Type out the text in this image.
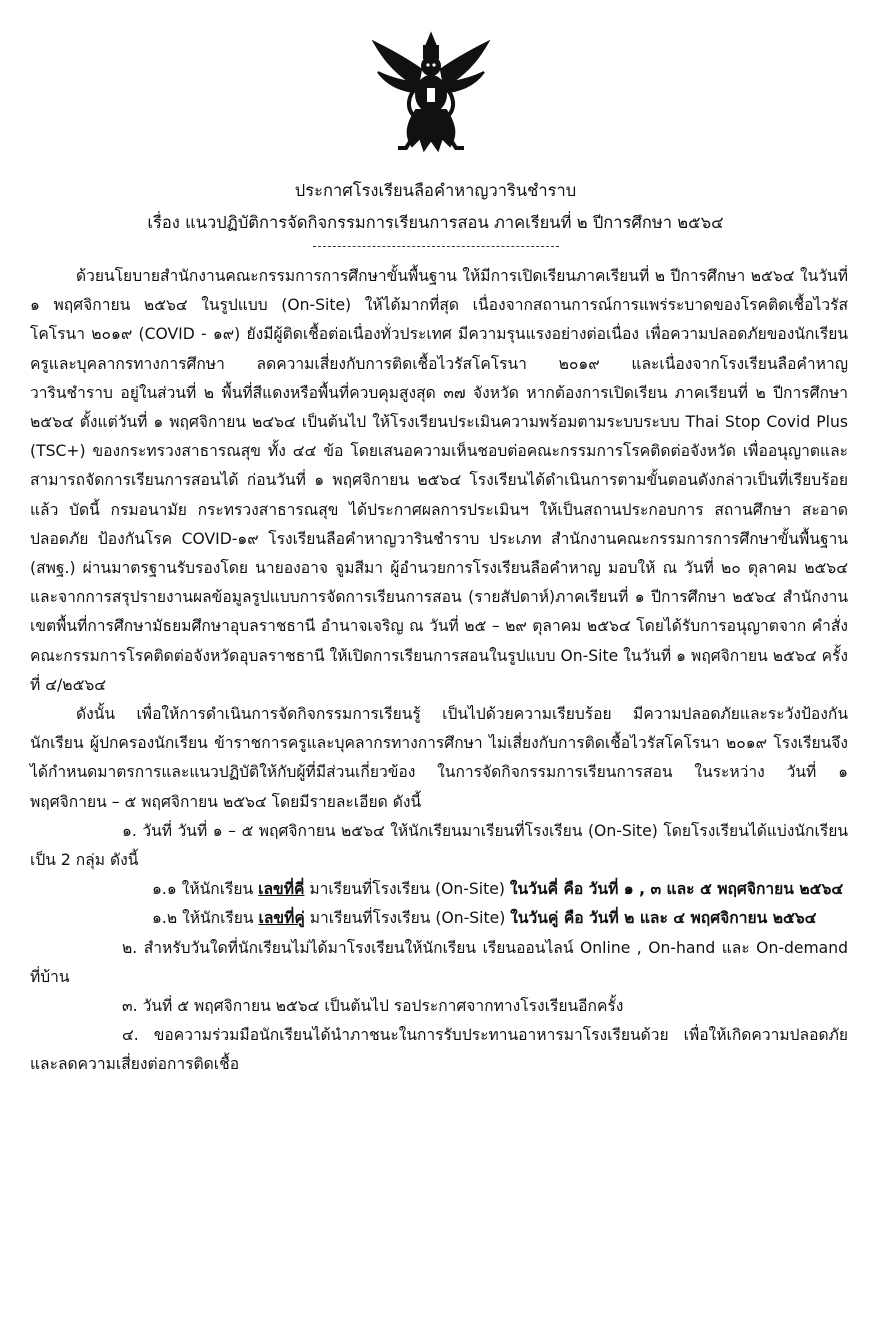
ประกาศโรงเรียนลือคำหาญวารินชำราบ
เรื่อง แนวปฏิบัติการจัดกิจกรรมการเรียนการสอน ภาคเรียนที่ ๒ ปีการศึกษา ๒๕๖๔

ด้วยนโยบายสำนักงานคณะกรรมการการศึกษาขั้นพื้นฐาน ให้มีการเปิดเรียนภาคเรียนที่ ๒ ปีการศึกษา ๒๕๖๔ ในวันที่ ๑ พฤศจิกายน ๒๕๖๔ ในรูปแบบ (On-Site) ให้ได้มากที่สุด เนื่องจากสถานการณ์การแพร่ระบาดของโรคติดเชื้อไวรัสโคโรนา ๒๐๑๙ (COVID - ๑๙) ยังมีผู้ติดเชื้อต่อเนื่องทั่วประเทศ มีความรุนแรงอย่างต่อเนื่อง เพื่อความปลอดภัยของนักเรียน ครูและบุคลากรทางการศึกษา ลดความเสี่ยงกับการติดเชื้อไวรัสโคโรนา ๒๐๑๙ และเนื่องจากโรงเรียนลือคำหาญวารินชำราบ อยู่ในส่วนที่ ๒ พื้นที่สีแดงหรือพื้นที่ควบคุมสูงสุด ๓๗ จังหวัด หากต้องการเปิดเรียน ภาคเรียนที่ ๒ ปีการศึกษา ๒๕๖๔ ตั้งแต่วันที่ ๑ พฤศจิกายน ๒๔๖๔ เป็นต้นไป ให้โรงเรียนประเมินความพร้อมตามระบบระบบ Thai Stop Covid Plus (TSC+) ของกระทรวงสาธารณสุข ทั้ง ๔๔ ข้อ โดยเสนอความเห็นชอบต่อคณะกรรมการโรคติดต่อจังหวัด เพื่ออนุญาตและสามารถจัดการเรียนการสอนได้ ก่อนวันที่ ๑ พฤศจิกายน ๒๕๖๔ โรงเรียนได้ดำเนินการตามขั้นตอนดังกล่าวเป็นที่เรียบร้อยแล้ว บัดนี้ กรมอนามัย กระทรวงสาธารณสุข ได้ประกาศผลการประเมินฯ ให้เป็นสถานประกอบการ สถานศึกษา สะอาด ปลอดภัย ป้องกันโรค COVID-๑๙ โรงเรียนลือคำหาญวารินชำราบ ประเภท สำนักงานคณะกรรมการการศึกษาขั้นพื้นฐาน (สพฐ.) ผ่านมาตรฐานรับรองโดย นายองอาจ จูมสีมา ผู้อำนวยการโรงเรียนลือคำหาญ มอบให้ ณ วันที่ ๒๐ ตุลาคม ๒๕๖๔ และจากการสรุปรายงานผลข้อมูลรูปแบบการจัดการเรียนการสอน (รายสัปดาห์)ภาคเรียนที่ ๑ ปีการศึกษา ๒๕๖๔ สำนักงานเขตพื้นที่การศึกษามัธยมศึกษาอุบลราชธานี อำนาจเจริญ ณ วันที่ ๒๕ – ๒๙ ตุลาคม ๒๕๖๔ โดยได้รับการอนุญาตจาก คำสั่งคณะกรรมการโรคติดต่อจังหวัดอุบลราชธานี ให้เปิดการเรียนการสอนในรูปแบบ On-Site ในวันที่ ๑ พฤศจิกายน ๒๕๖๔ ครั้งที่ ๔/๒๕๖๔

ดังนั้น เพื่อให้การดำเนินการจัดกิจกรรมการเรียนรู้ เป็นไปด้วยความเรียบร้อย มีความปลอดภัยและระวังป้องกันนักเรียน ผู้ปกครองนักเรียน ข้าราชการครูและบุคลากรทางการศึกษา ไม่เสี่ยงกับการติดเชื้อไวรัสโคโรนา ๒๐๑๙ โรงเรียนจึงได้กำหนดมาตรการและแนวปฏิบัติให้กับผู้ที่มีส่วนเกี่ยวข้อง ในการจัดกิจกรรมการเรียนการสอน ในระหว่าง วันที่ ๑ พฤศจิกายน – ๕ พฤศจิกายน ๒๕๖๔ โดยมีรายละเอียด ดังนี้

๑. วันที่ วันที่ ๑ – ๕ พฤศจิกายน ๒๕๖๔ ให้นักเรียนมาเรียนที่โรงเรียน (On-Site) โดยโรงเรียนได้แบ่งนักเรียนเป็น 2 กลุ่ม ดังนี้

๑.๑ ให้นักเรียน เลขที่คี่ มาเรียนที่โรงเรียน (On-Site) ในวันคี่ คือ วันที่ ๑ , ๓ และ ๕ พฤศจิกายน ๒๕๖๔

๑.๒ ให้นักเรียน เลขที่คู่ มาเรียนที่โรงเรียน (On-Site) ในวันคู่ คือ วันที่ ๒ และ ๔ พฤศจิกายน ๒๕๖๔

๒. สำหรับวันใดที่นักเรียนไม่ได้มาโรงเรียนให้นักเรียน เรียนออนไลน์ Online , On-hand และ On-demand ที่บ้าน

๓. วันที่ ๕ พฤศจิกายน ๒๕๖๔ เป็นต้นไป รอประกาศจากทางโรงเรียนอีกครั้ง

๔. ขอความร่วมมือนักเรียนได้นำภาชนะในการรับประทานอาหารมาโรงเรียนด้วย เพื่อให้เกิดความปลอดภัยและลดความเสี่ยงต่อการติดเชื้อ
